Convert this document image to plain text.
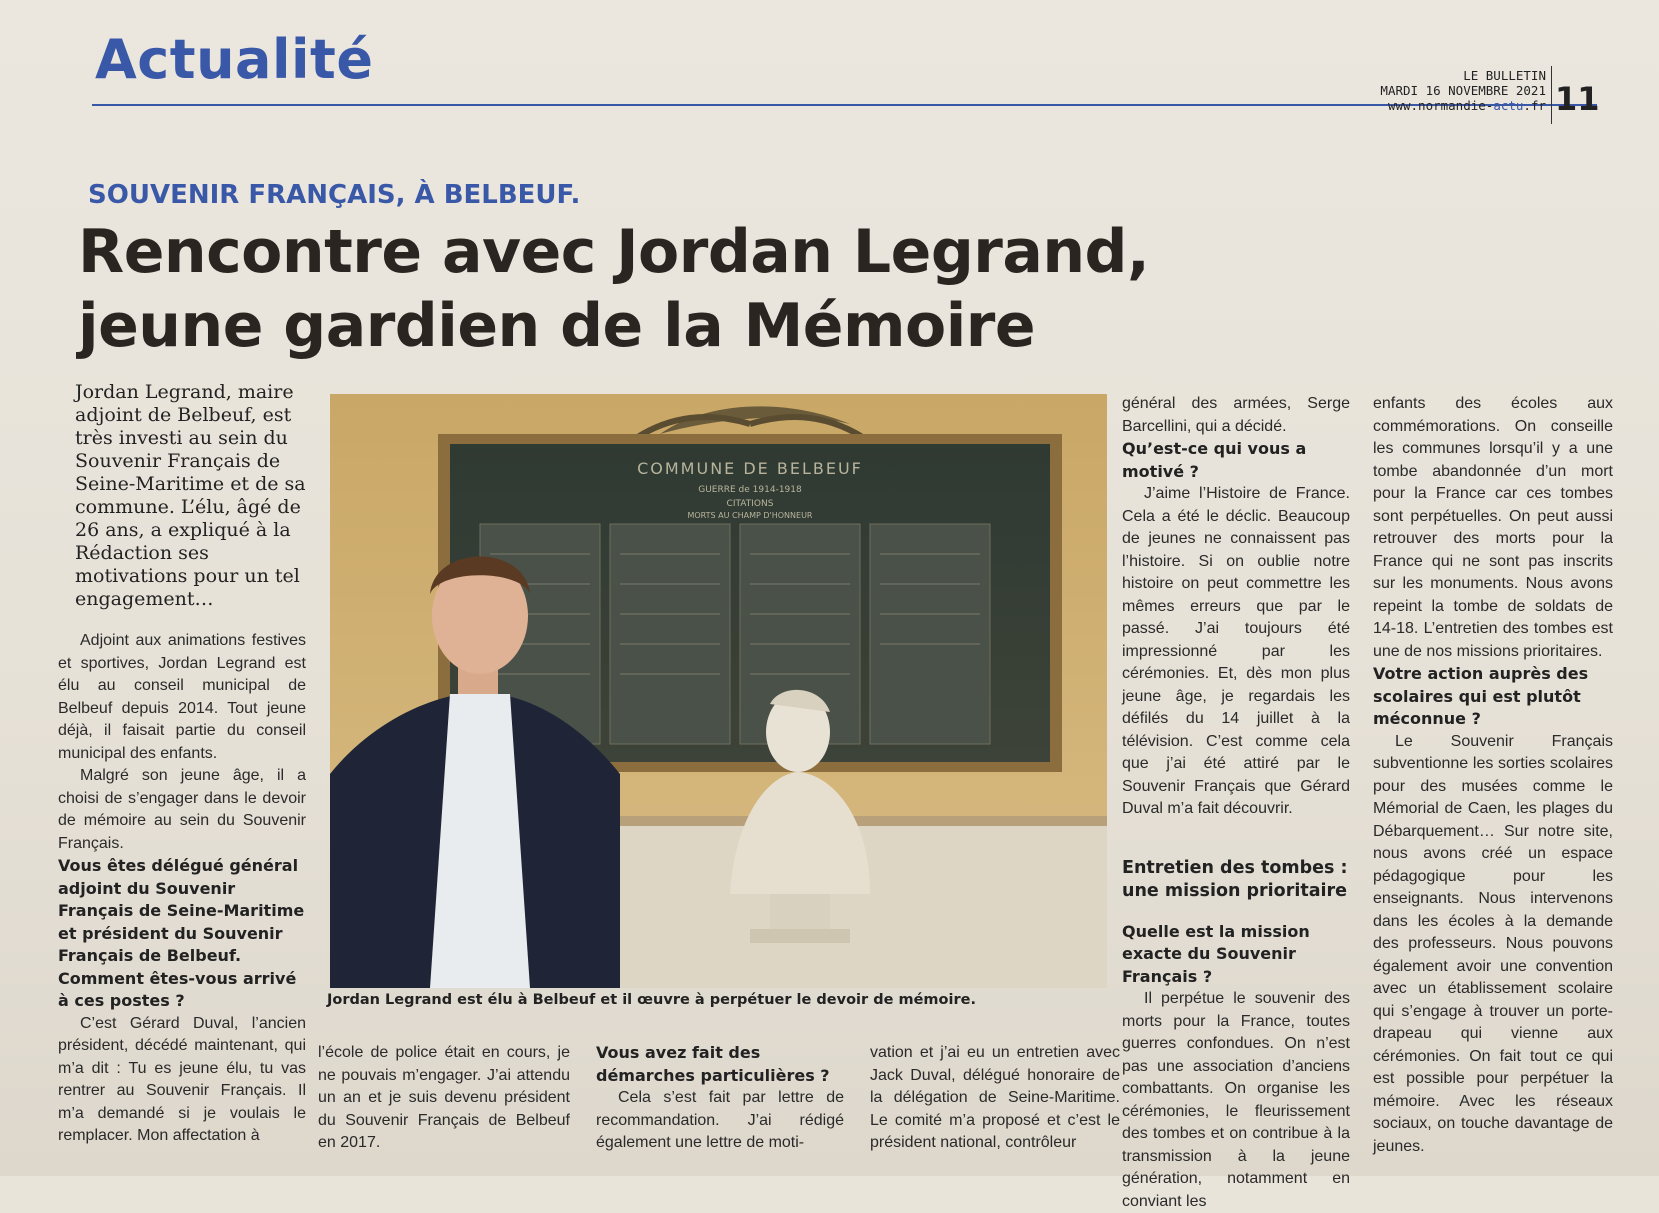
Actualité	LE BULLETIN
MARDI 16 NOVEMBRE 2021
www.normandie-actu.fr 11
SOUVENIR FRANÇAIS, À BELBEUF.
Rencontre avec Jordan Legrand,
jeune gardien de la Mémoire

Jordan Legrand, maire adjoint de Belbeuf, est très investi au sein du Souvenir Français de Seine-Maritime et de sa commune. L’élu, âgé de 26 ans, a expliqué à la Rédaction ses motivations pour un tel engagement…

COMMUNE DE BELBEUF
GUERRE de 1914-1918
CITATIONS
MORTS AU CHAMP D'HONNEUR

Jordan Legrand est élu à Belbeuf et il œuvre à perpétuer le devoir de mémoire.

Adjoint aux animations festives et sportives, Jordan Legrand est élu au conseil municipal de Belbeuf depuis 2014. Tout jeune déjà, il faisait partie du conseil municipal des enfants.

Malgré son jeune âge, il a choisi de s’engager dans le devoir de mémoire au sein du Souvenir Français.

Vous êtes délégué général adjoint du Souvenir Français de Seine-Maritime et président du Souvenir Français de Belbeuf. Comment êtes-vous arrivé à ces postes ?

C’est Gérard Duval, l’ancien président, décédé maintenant, qui m’a dit : Tu es jeune élu, tu vas rentrer au Souvenir Français. Il m’a demandé si je voulais le remplacer. Mon affectation à

l’école de police était en cours, je ne pouvais m’engager. J’ai attendu un an et je suis devenu président du Souvenir Français de Belbeuf en 2017.

Vous avez fait des démarches particulières ?

Cela s’est fait par lettre de recommandation. J’ai rédigé également une lettre de moti-

vation et j’ai eu un entretien avec Jack Duval, délégué honoraire de la délégation de Seine-Maritime. Le comité m’a proposé et c’est le président national, contrôleur

général des armées, Serge Barcellini, qui a décidé.

Qu’est-ce qui vous a motivé ?

J’aime l’Histoire de France. Cela a été le déclic. Beaucoup de jeunes ne connaissent pas l’histoire. Si on oublie notre histoire on peut commettre les mêmes erreurs que par le passé. J’ai toujours été impressionné par les cérémonies. Et, dès mon plus jeune âge, je regardais les défilés du 14 juillet à la télévision. C’est comme cela que j’ai été attiré par le Souvenir Français que Gérard Duval m’a fait découvrir.

Entretien des tombes : une mission prioritaire

Quelle est la mission exacte du Souvenir Français ?

Il perpétue le souvenir des morts pour la France, toutes guerres confondues. On n’est pas une association d’anciens combattants. On organise les cérémonies, le fleurissement des tombes et on contribue à la transmission à la jeune génération, notamment en conviant les

enfants des écoles aux commémorations. On conseille les communes lorsqu’il y a une tombe abandonnée d’un mort pour la France car ces tombes sont perpétuelles. On peut aussi retrouver des morts pour la France qui ne sont pas inscrits sur les monuments. Nous avons repeint la tombe de soldats de 14-18. L’entretien des tombes est une de nos missions prioritaires.

Votre action auprès des scolaires qui est plutôt méconnue ?

Le Souvenir Français subventionne les sorties scolaires pour des musées comme le Mémorial de Caen, les plages du Débarquement… Sur notre site, nous avons créé un espace pédagogique pour les enseignants. Nous intervenons dans les écoles à la demande des professeurs. Nous pouvons également avoir une convention avec un établissement scolaire qui s’engage à trouver un porte-drapeau qui vienne aux cérémonies. On fait tout ce qui est possible pour perpétuer la mémoire. Avec les réseaux sociaux, on touche davantage de jeunes.
